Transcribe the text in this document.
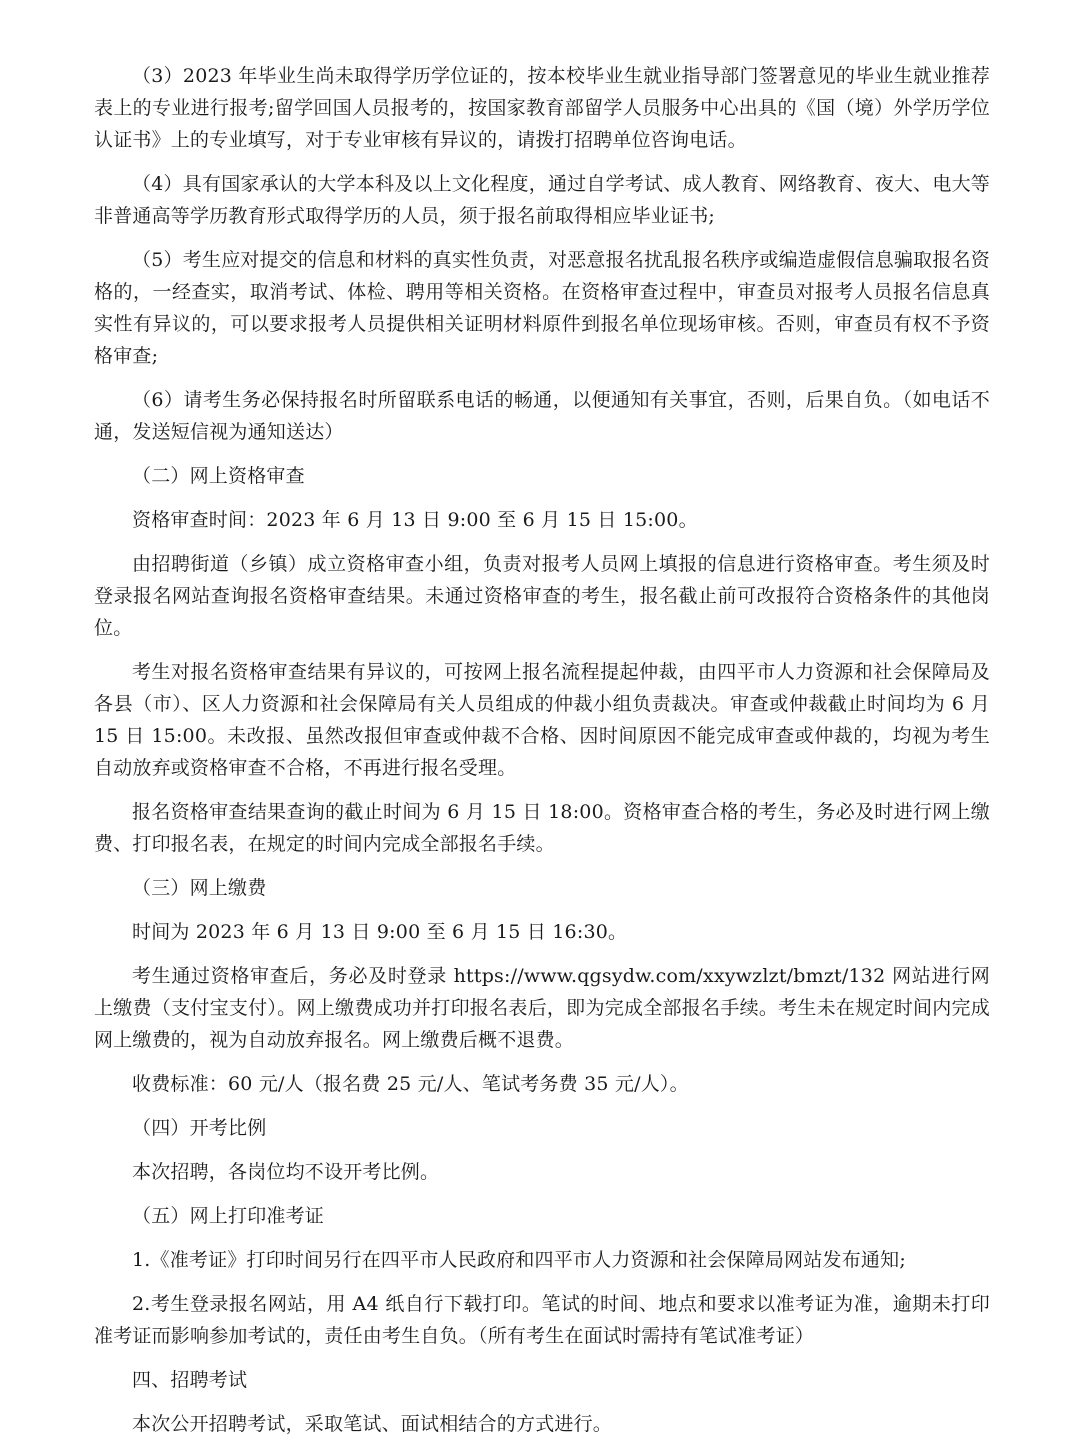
（3）2023 年毕业生尚未取得学历学位证的，按本校毕业生就业指导部门签署意见的毕业生就业推荐表上的专业进行报考;留学回国人员报考的，按国家教育部留学人员服务中心出具的《国（境）外学历学位认证书》上的专业填写，对于专业审核有异议的，请拨打招聘单位咨询电话。

（4）具有国家承认的大学本科及以上文化程度，通过自学考试、成人教育、网络教育、夜大、电大等非普通高等学历教育形式取得学历的人员，须于报名前取得相应毕业证书;

（5）考生应对提交的信息和材料的真实性负责，对恶意报名扰乱报名秩序或编造虚假信息骗取报名资格的，一经查实，取消考试、体检、聘用等相关资格。在资格审查过程中，审查员对报考人员报名信息真实性有异议的，可以要求报考人员提供相关证明材料原件到报名单位现场审核。否则，审查员有权不予资格审查;

（6）请考生务必保持报名时所留联系电话的畅通，以便通知有关事宜，否则，后果自负。（如电话不通，发送短信视为通知送达）

（二）网上资格审查

资格审查时间：2023 年 6 月 13 日 9:00 至 6 月 15 日 15:00。

由招聘街道（乡镇）成立资格审查小组，负责对报考人员网上填报的信息进行资格审查。考生须及时登录报名网站查询报名资格审查结果。未通过资格审查的考生，报名截止前可改报符合资格条件的其他岗位。

考生对报名资格审查结果有异议的，可按网上报名流程提起仲裁，由四平市人力资源和社会保障局及各县（市）、区人力资源和社会保障局有关人员组成的仲裁小组负责裁决。审查或仲裁截止时间均为 6 月 15 日 15:00。未改报、虽然改报但审查或仲裁不合格、因时间原因不能完成审查或仲裁的，均视为考生自动放弃或资格审查不合格，不再进行报名受理。

报名资格审查结果查询的截止时间为 6 月 15 日 18:00。资格审查合格的考生，务必及时进行网上缴费、打印报名表，在规定的时间内完成全部报名手续。

（三）网上缴费

时间为 2023 年 6 月 13 日 9:00 至 6 月 15 日 16:30。

考生通过资格审查后，务必及时登录 https://www.qgsydw.com/xxywzlzt/bmzt/132 网站进行网上缴费（支付宝支付）。网上缴费成功并打印报名表后，即为完成全部报名手续。考生未在规定时间内完成网上缴费的，视为自动放弃报名。网上缴费后概不退费。

收费标准：60 元/人（报名费 25 元/人、笔试考务费 35 元/人）。

（四）开考比例

本次招聘，各岗位均不设开考比例。

（五）网上打印准考证

1.《准考证》打印时间另行在四平市人民政府和四平市人力资源和社会保障局网站发布通知;

2.考生登录报名网站，用 A4 纸自行下载打印。笔试的时间、地点和要求以准考证为准，逾期未打印准考证而影响参加考试的，责任由考生自负。（所有考生在面试时需持有笔试准考证）

四、招聘考试

本次公开招聘考试，采取笔试、面试相结合的方式进行。
